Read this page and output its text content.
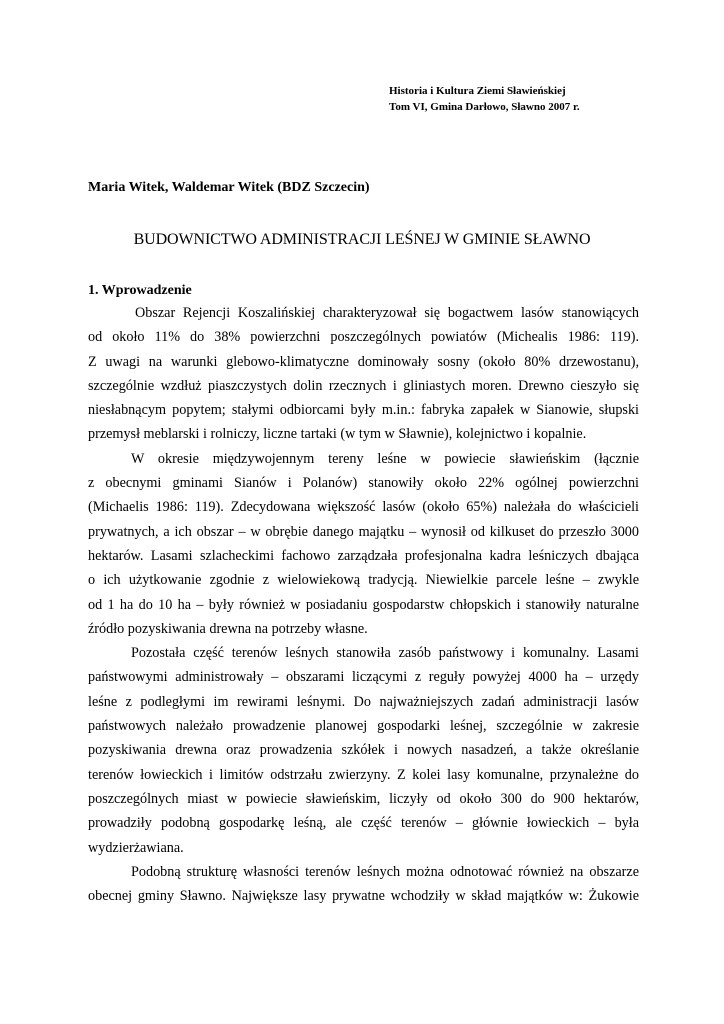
Historia i Kultura Ziemi Sławieńskiej
Tom VI, Gmina Darłowo, Sławno 2007 r.
Maria Witek, Waldemar Witek (BDZ Szczecin)
BUDOWNICTWO ADMINISTRACJI LEŚNEJ W GMINIE SŁAWNO
1. Wprowadzenie
Obszar Rejencji Koszalińskiej charakteryzował się bogactwem lasów stanowiących
od około 11% do 38% powierzchni poszczególnych powiatów (Michealis 1986: 119).
Z uwagi na warunki glebowo-klimatyczne dominowały sosny (około 80% drzewostanu),
szczególnie wzdłuż piaszczystych dolin rzecznych i gliniastych moren. Drewno cieszyło się
niesłabnącym popytem; stałymi odbiorcami były m.in.: fabryka zapałek w Sianowie, słupski
przemysł meblarski i rolniczy, liczne tartaki (w tym w Sławnie), kolejnictwo i kopalnie.
W okresie międzywojennym tereny leśne w powiecie sławieńskim (łącznie
z obecnymi gminami Sianów i Polanów) stanowiły około 22% ogólnej powierzchni
(Michaelis 1986: 119). Zdecydowana większość lasów (około 65%) należała do właścicieli
prywatnych, a ich obszar – w obrębie danego majątku – wynosił od kilkuset do przeszło 3000
hektarów. Lasami szlacheckimi fachowo zarządzała profesjonalna kadra leśniczych dbająca
o ich użytkowanie zgodnie z wielowiekową tradycją. Niewielkie parcele leśne – zwykle
od 1 ha do 10 ha – były również w posiadaniu gospodarstw chłopskich i stanowiły naturalne
źródło pozyskiwania drewna na potrzeby własne.
Pozostała część terenów leśnych stanowiła zasób państwowy i komunalny. Lasami
państwowymi administrowały – obszarami liczącymi z reguły powyżej 4000 ha – urzędy
leśne z podległymi im rewirami leśnymi. Do najważniejszych zadań administracji lasów
państwowych należało prowadzenie planowej gospodarki leśnej, szczególnie w zakresie
pozyskiwania drewna oraz prowadzenia szkółek i nowych nasadzeń, a także określanie
terenów łowieckich i limitów odstrzału zwierzyny. Z kolei lasy komunalne, przynależne do
poszczególnych miast w powiecie sławieńskim, liczyły od około 300 do 900 hektarów,
prowadziły podobną gospodarkę leśną, ale część terenów – głównie łowieckich – była
wydzierżawiana.
Podobną strukturę własności terenów leśnych można odnotować również na obszarze
obecnej gminy Sławno. Największe lasy prywatne wchodziły w skład majątków w: Żukowie
